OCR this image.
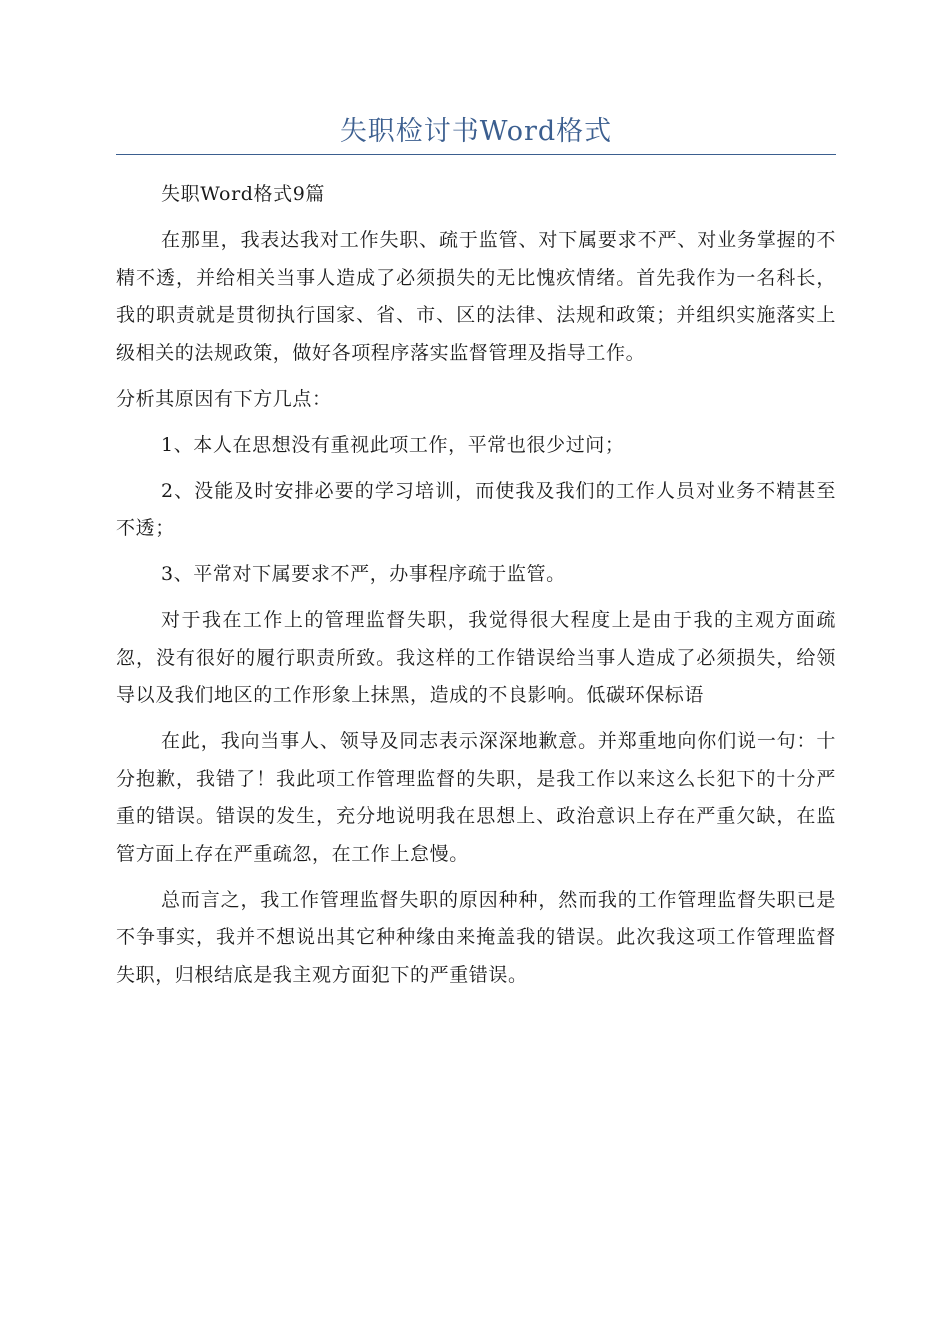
失职检讨书Word格式

失职Word格式9篇

在那里，我表达我对工作失职、疏于监管、对下属要求不严、对业务掌握的不精不透，并给相关当事人造成了必须损失的无比愧疚情绪。首先我作为一名科长，我的职责就是贯彻执行国家、省、市、区的法律、法规和政策；并组织实施落实上级相关的法规政策，做好各项程序落实监督管理及指导工作。

分析其原因有下方几点：

1、本人在思想没有重视此项工作，平常也很少过问；

2、没能及时安排必要的学习培训，而使我及我们的工作人员对业务不精甚至不透；

3、平常对下属要求不严，办事程序疏于监管。

对于我在工作上的管理监督失职，我觉得很大程度上是由于我的主观方面疏忽，没有很好的履行职责所致。我这样的工作错误给当事人造成了必须损失，给领导以及我们地区的工作形象上抹黑，造成的不良影响。低碳环保标语

在此，我向当事人、领导及同志表示深深地歉意。并郑重地向你们说一句：十分抱歉，我错了！我此项工作管理监督的失职，是我工作以来这么长犯下的十分严重的错误。错误的发生，充分地说明我在思想上、政治意识上存在严重欠缺，在监管方面上存在严重疏忽，在工作上怠慢。

总而言之，我工作管理监督失职的原因种种，然而我的工作管理监督失职已是不争事实，我并不想说出其它种种缘由来掩盖我的错误。此次我这项工作管理监督失职，归根结底是我主观方面犯下的严重错误。
